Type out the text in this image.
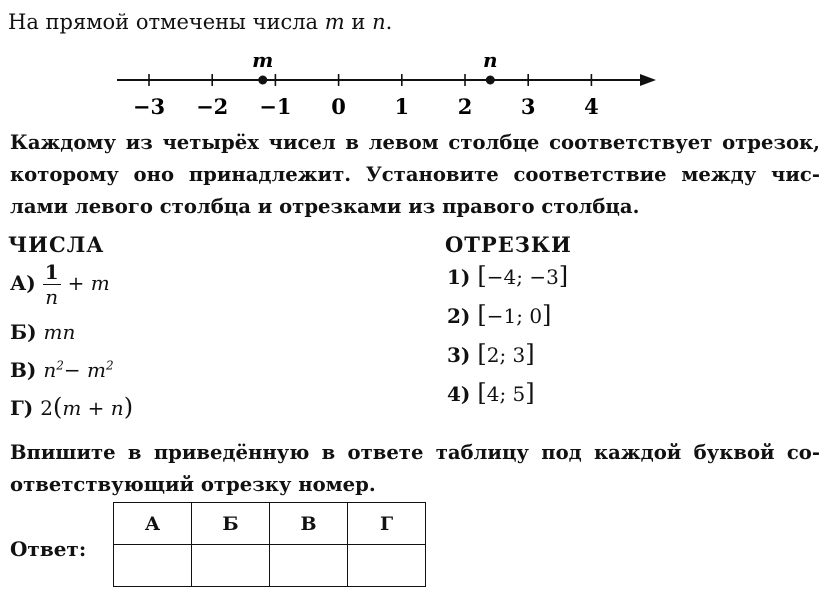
На прямой отмечены числа m и n.
−3 −2 −1 0 1 2 3 4
m	n
Каждому из четырёх чисел в левом столбце соответствует отрезок,
которому оно принадлежит. Установите соответствие между чис-
лами левого столбца и отрезками из правого столбца.
ЧИСЛА
$А) \frac{1}{n} + m$
Б) mn
В) $n^2- m^2$
Г) 2(m + n)
ОТРЕЗКИ
1) [−4; −3]
2) [−1; 0]
3) [2; 3]
4) [4; 5]
Впишите в приведённую в ответе таблицу под каждой буквой со-
ответствующий отрезку номер.
Ответ:
А	Б	В	Г
